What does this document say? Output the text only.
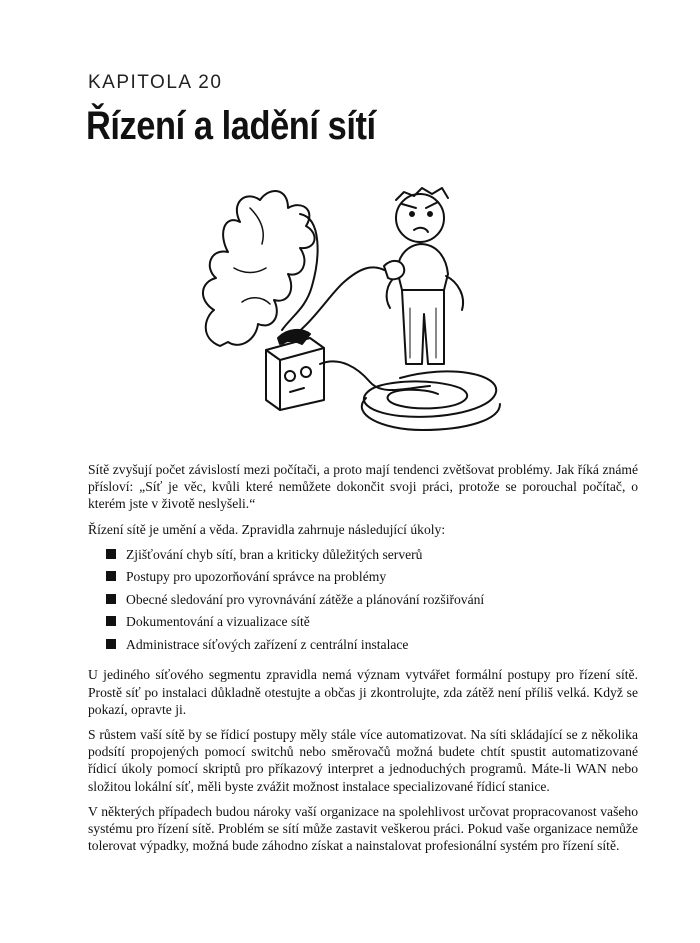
KAPITOLA 20
Řízení a ladění sítí

Sítě zvyšují počet závislostí mezi počítači, a proto mají tendenci zvětšovat problémy. Jak říká známé přísloví: „Síť je věc, kvůli které nemůžete dokončit svoji práci, protože se porouchal počítač, o kterém jste v životě neslyšeli.“

Řízení sítě je umění a věda. Zpravidla zahrnuje následující úkoly:

Zjišťování chyb sítí, bran a kriticky důležitých serverů
Postupy pro upozorňování správce na problémy
Obecné sledování pro vyrovnávání zátěže a plánování rozšiřování
Dokumentování a vizualizace sítě
Administrace síťových zařízení z centrální instalace

U jediného síťového segmentu zpravidla nemá význam vytvářet formální postupy pro řízení sítě. Prostě síť po instalaci důkladně otestujte a občas ji zkontrolujte, zda zátěž není příliš velká. Když se pokazí, opravte ji.

S růstem vaší sítě by se řídicí postupy měly stále více automatizovat. Na síti skládající se z několika podsítí propojených pomocí switchů nebo směrovačů možná budete chtít spustit automatizované řídicí úkoly pomocí skriptů pro příkazový interpret a jednoduchých programů. Máte-li WAN nebo složitou lokální síť, měli byste zvážit možnost instalace specializované řídicí stanice.

V některých případech budou nároky vaší organizace na spolehlivost určovat propracovanost vašeho systému pro řízení sítě. Problém se sítí může zastavit veškerou práci. Pokud vaše organizace nemůže tolerovat výpadky, možná bude záhodno získat a nainstalovat profesionální systém pro řízení sítě.
